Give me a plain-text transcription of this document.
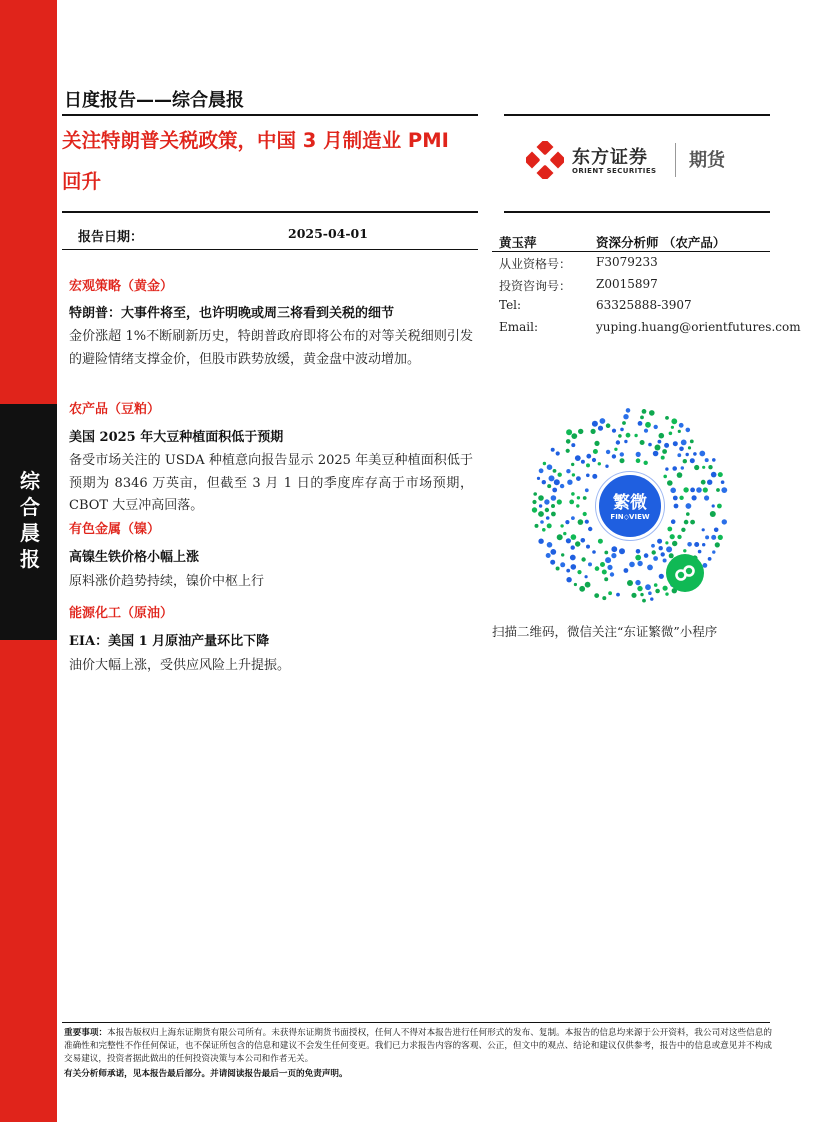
综
合
晨
报
日度报告——综合晨报
关注特朗普关税政策，中国 3 月制造业 PMI
回升
东方证券
ORIENT SECURITIES 期货
报告日期：	2025-04-01
黄玉萍	资深分析师 （农产品）
从业资格号： F3079233
投资咨询号： Z0015897
Tel:	63325888-3907
Email:	yuping.huang@orientfutures.com
宏观策略（黄金）
特朗普：大事件将至，也许明晚或周三将看到关税的细节
金价涨超 1%不断刷新历史，特朗普政府即将公布的对等关税细则引发的避险情绪支撑金价，但股市跌势放缓，黄金盘中波动增加。
农产品（豆粕）
美国 2025 年大豆种植面积低于预期
备受市场关注的 USDA 种植意向报告显示 2025 年美豆种植面积低于预期为 8346 万英亩，但截至 3 月 1 日的季度库存高于市场预期，CBOT 大豆冲高回落。
有色金属（镍）
高镍生铁价格小幅上涨
原料涨价趋势持续，镍价中枢上行
能源化工（原油）
EIA：美国 1 月原油产量环比下降
油价大幅上涨，受供应风险上升提振。
繁微
FIN◇VIEW
扫描二维码，微信关注“东证繁微”小程序
重要事项：本报告版权归上海东证期货有限公司所有。未获得东证期货书面授权，任何人不得对本报告进行任何形式的发布、复制。本报告的信息均来源于公开资料，我公司对这些信息的准确性和完整性不作任何保证，也不保证所包含的信息和建议不会发生任何变更。我们已力求报告内容的客观、公正，但文中的观点、结论和建议仅供参考，报告中的信息或意见并不构成交易建议，投资者据此做出的任何投资决策与本公司和作者无关。
有关分析师承诺，见本报告最后部分。并请阅读报告最后一页的免责声明。
